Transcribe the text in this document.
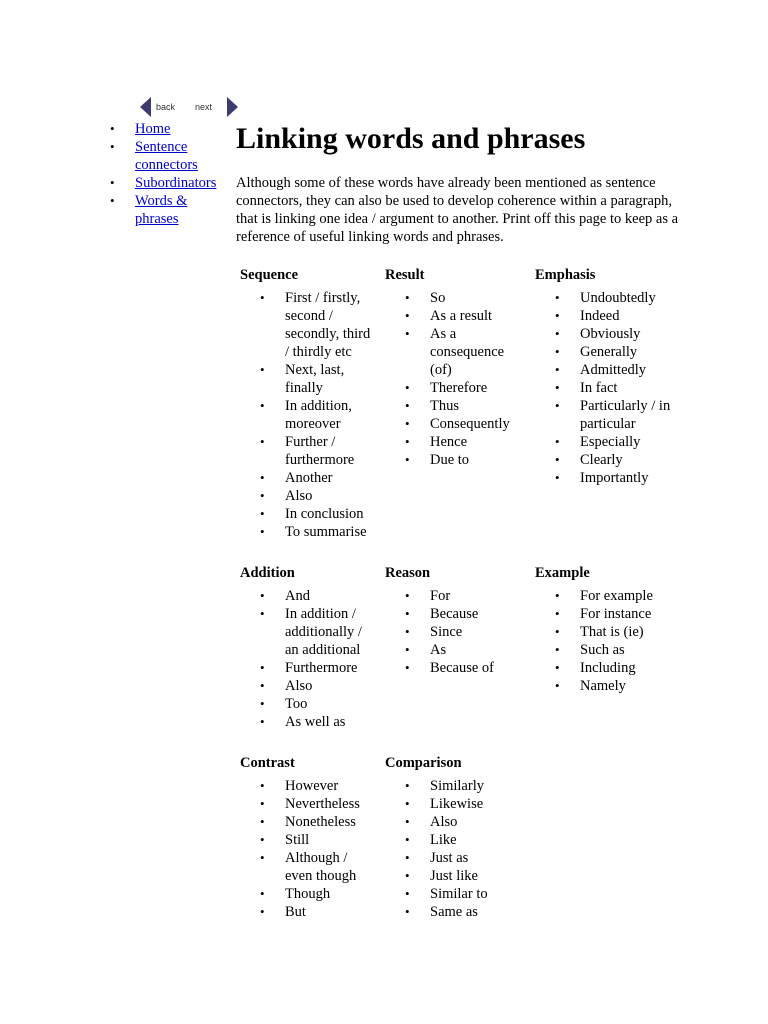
back next
• Home
• Sentence connectors
• Subordinators
• Words & phrases
Linking words and phrases

Although some of these words have already been mentioned as sentence connectors, they can also be used to develop coherence within a paragraph, that is linking one idea / argument to another. Print off this page to keep as a reference of useful linking words and phrases.

Sequence
• First / firstly, second / secondly, third / thirdly etc
• Next, last, finally
• In addition, moreover
• Further / furthermore
• Another
• Also
• In conclusion
• To summarise
Result
• So
• As a result
• As a consequence (of)
• Therefore
• Thus
• Consequently
• Hence
• Due to
Emphasis
• Undoubtedly
• Indeed
• Obviously
• Generally
• Admittedly
• In fact
• Particularly / in particular
• Especially
• Clearly
• Importantly
Addition
• And
• In addition / additionally / an additional
• Furthermore
• Also
• Too
• As well as
Reason
• For
• Because
• Since
• As
• Because of
Example
• For example
• For instance
• That is (ie)
• Such as
• Including
• Namely
Contrast
• However
• Nevertheless
• Nonetheless
• Still
• Although / even though
• Though
• But
Comparison
• Similarly
• Likewise
• Also
• Like
• Just as
• Just like
• Similar to
• Same as
